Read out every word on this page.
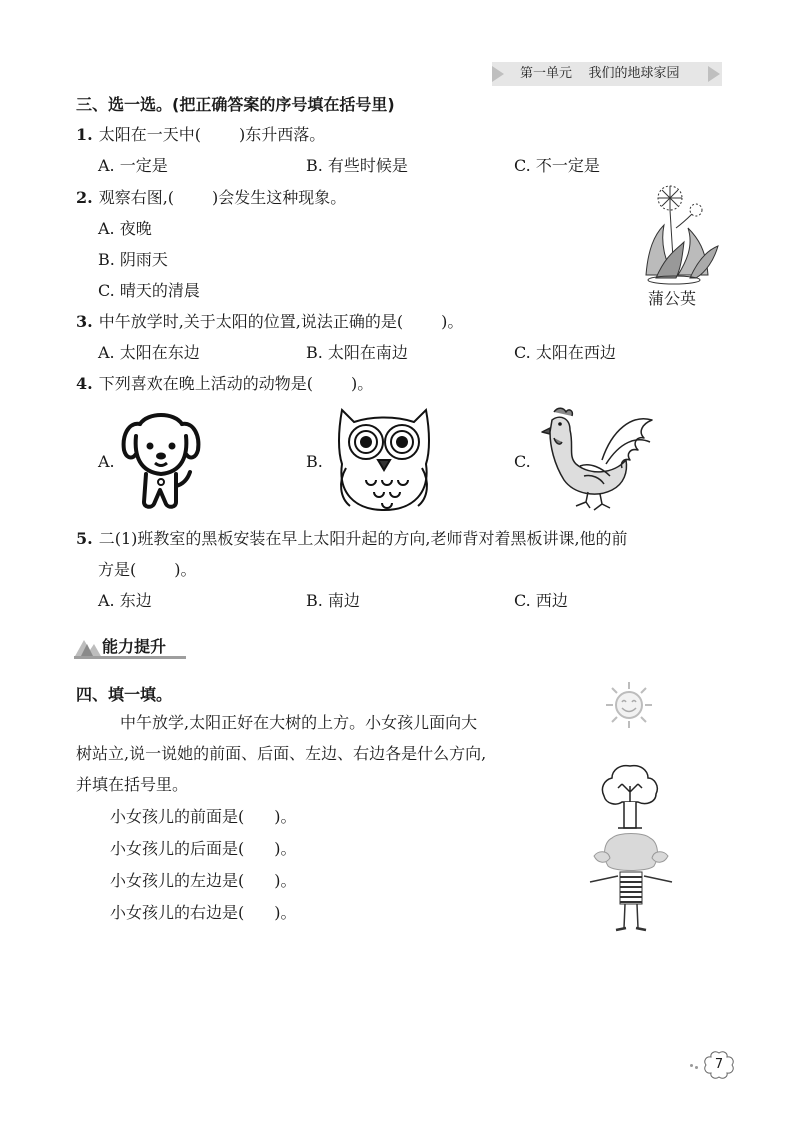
第一单元 我们的地球家园
三、选一选。(把正确答案的序号填在括号里)
1. 太阳在一天中( )东升西落。
A. 一定是	B. 有些时候是	C. 不一定是
2. 观察右图,( )会发生这种现象。
A. 夜晚
B. 阴雨天
C. 晴天的清晨	蒲公英
3. 中午放学时,关于太阳的位置,说法正确的是( )。
A. 太阳在东边	B. 太阳在南边	C. 太阳在西边
4. 下列喜欢在晚上活动的动物是( )。
A.	B.	C.
5. 二(1)班教室的黑板安装在早上太阳升起的方向,老师背对着黑板讲课,他的前
方是( )。
A. 东边	B. 南边	C. 西边
能力提升
四、填一填。
中午放学,太阳正好在大树的上方。小女孩儿面向大
树站立,说一说她的前面、后面、左边、右边各是什么方向,
并填在括号里。
小女孩儿的前面是( )。
小女孩儿的后面是( )。
小女孩儿的左边是( )。
小女孩儿的右边是( )。
7
